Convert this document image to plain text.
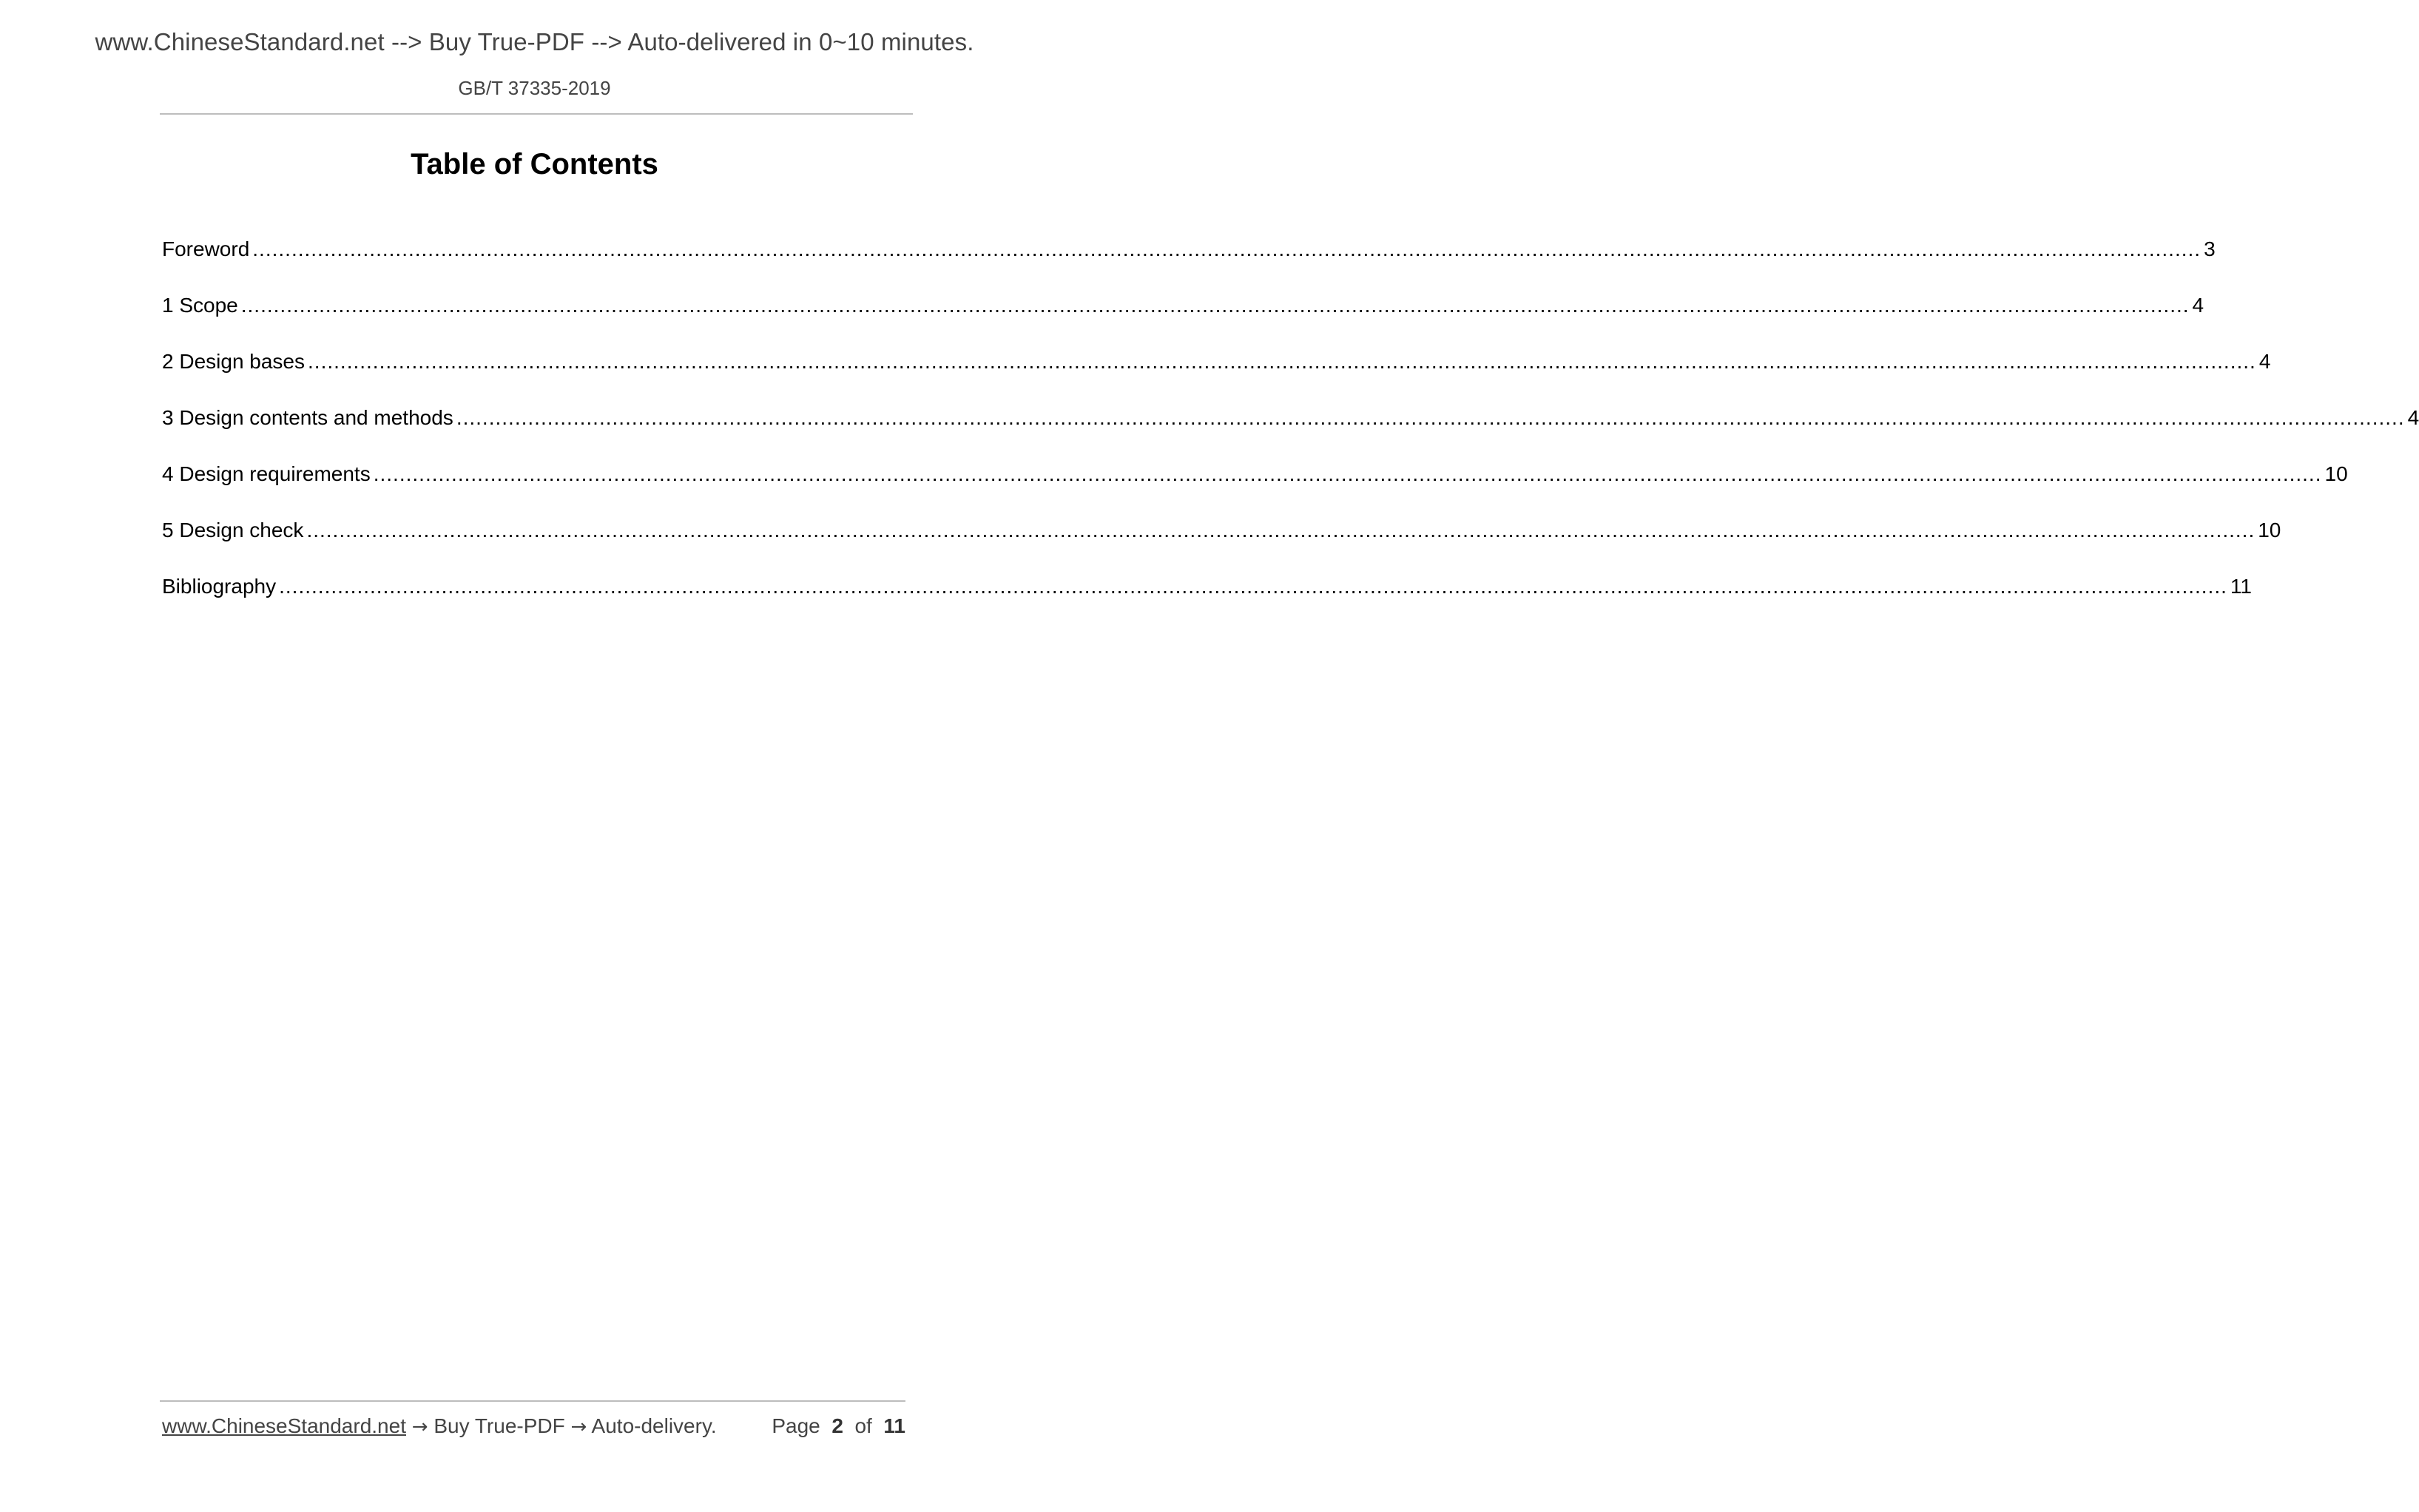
www.ChineseStandard.net --> Buy True-PDF --> Auto-delivered in 0~10 minutes.
GB/T 37335-2019
Table of Contents
Foreword ............................................................................................................................................................................................................................................................................................................ 3
1 Scope ............................................................................................................................................................................................................................................................................................................ 4
2 Design bases ............................................................................................................................................................................................................................................................................................................ 4
3 Design contents and methods ............................................................................................................................................................................................................................................................................................................ 4
4 Design requirements ............................................................................................................................................................................................................................................................................................................ 10
5 Design check ............................................................................................................................................................................................................................................................................................................ 10
Bibliography ............................................................................................................................................................................................................................................................................................................ 11
www.ChineseStandard.net → Buy True-PDF → Auto-delivery.	Page 2 of 11
